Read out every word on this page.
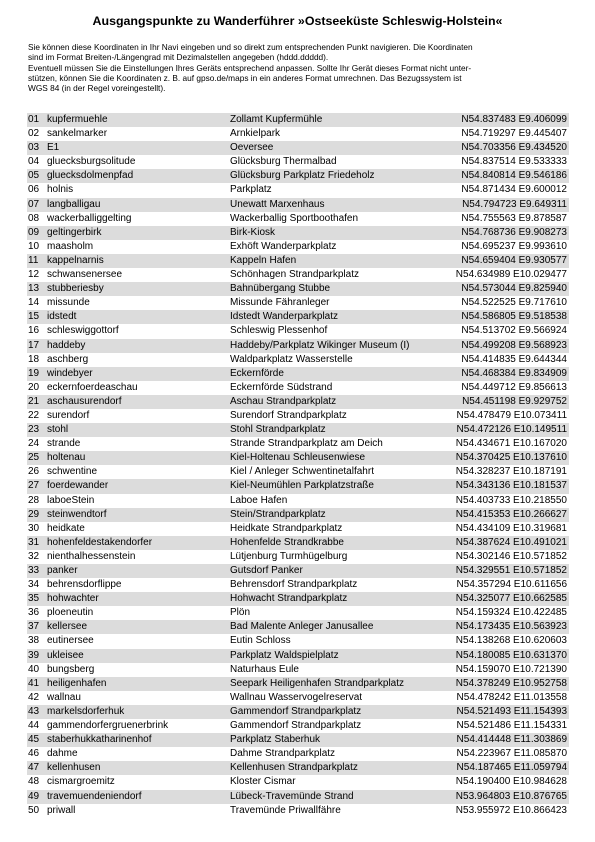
Ausgangspunkte zu Wanderführer »Ostseeküste Schleswig-Holstein«
Sie können diese Koordinaten in Ihr Navi eingeben und so direkt zum entsprechenden Punkt navigieren. Die Koordinaten
sind im Format Breiten-/Längengrad mit Dezimalstellen angegeben (hddd.ddddd).
Eventuell müssen Sie die Einstellungen Ihres Geräts entsprechend anpassen. Sollte Ihr Gerät dieses Format nicht unter-
stützen, können Sie die Koordinaten z. B. auf gpso.de/maps in ein anderes Format umrechnen. Das Bezugssystem ist
WGS 84 (in der Regel voreingestellt).
01 kupfermuehle	Zollamt Kupfermühle	N54.837483 E9.406099
02 sankelmarker	Arnkielpark	N54.719297 E9.445407
03 E1	Oeversee	N54.703356 E9.434520
04 gluecksburgsolitude	Glücksburg Thermalbad	N54.837514 E9.533333
05 gluecksdolmenpfad	Glücksburg Parkplatz Friedeholz	N54.840814 E9.546186
06 holnis	Parkplatz	N54.871434 E9.600012
07 langballigau	Unewatt Marxenhaus	N54.794723 E9.649311
08 wackerballiggelting	Wackerballig Sportboothafen	N54.755563 E9.878587
09 geltingerbirk	Birk-Kiosk	N54.768736 E9.908273
10 maasholm	Exhöft Wanderparkplatz	N54.695237 E9.993610
11 kappelnarnis	Kappeln Hafen	N54.659404 E9.930577
12 schwansenersee	Schönhagen Strandparkplatz	N54.634989 E10.029477
13 stubberiesby	Bahnübergang Stubbe	N54.573044 E9.825940
14 missunde	Missunde Fähranleger	N54.522525 E9.717610
15 idstedt	Idstedt Wanderparkplatz	N54.586805 E9.518538
16 schleswiggottorf	Schleswig Plessenhof	N54.513702 E9.566924
17 haddeby	Haddeby/Parkplatz Wikinger Museum (I)	N54.499208 E9.568923
18 aschberg	Waldparkplatz Wasserstelle	N54.414835 E9.644344
19 windebyer	Eckernförde	N54.468384 E9.834909
20 eckernfoerdeaschau	Eckernförde Südstrand	N54.449712 E9.856613
21 aschausurendorf	Aschau Strandparkplatz	N54.451198 E9.929752
22 surendorf	Surendorf Strandparkplatz	N54.478479 E10.073411
23 stohl	Stohl Strandparkplatz	N54.472126 E10.149511
24 strande	Strande Strandparkplatz am Deich	N54.434671 E10.167020
25 holtenau	Kiel-Holtenau Schleusenwiese	N54.370425 E10.137610
26 schwentine	Kiel / Anleger Schwentinetalfahrt	N54.328237 E10.187191
27 foerdewander	Kiel-Neumühlen Parkplatzstraße	N54.343136 E10.181537
28 laboeStein	Laboe Hafen	N54.403733 E10.218550
29 steinwendtorf	Stein/Strandparkplatz	N54.415353 E10.266627
30 heidkate	Heidkate Strandparkplatz	N54.434109 E10.319681
31 hohenfeldestakendorfer	Hohenfelde Strandkrabbe	N54.387624 E10.491021
32 nienthalhessenstein	Lütjenburg Turmhügelburg	N54.302146 E10.571852
33 panker	Gutsdorf Panker	N54.329551 E10.571852
34 behrensdorflippe	Behrensdorf Strandparkplatz	N54.357294 E10.611656
35 hohwachter	Hohwacht Strandparkplatz	N54.325077 E10.662585
36 ploeneutin	Plön	N54.159324 E10.422485
37 kellersee	Bad Malente Anleger Janusallee	N54.173435 E10.563923
38 eutinersee	Eutin Schloss	N54.138268 E10.620603
39 ukleisee	Parkplatz Waldspielplatz	N54.180085 E10.631370
40 bungsberg	Naturhaus Eule	N54.159070 E10.721390
41 heiligenhafen	Seepark Heiligenhafen Strandparkplatz	N54.378249 E10.952758
42 wallnau	Wallnau Wasservogelreservat	N54.478242 E11.013558
43 markelsdorferhuk	Gammendorf Strandparkplatz	N54.521493 E11.154393
44 gammendorfergruenerbrink	Gammendorf Strandparkplatz	N54.521486 E11.154331
45 staberhukkatharinenhof	Parkplatz Staberhuk	N54.414448 E11.303869
46 dahme	Dahme Strandparkplatz	N54.223967 E11.085870
47 kellenhusen	Kellenhusen Strandparkplatz	N54.187465 E11.059794
48 cismargroemitz	Kloster Cismar	N54.190400 E10.984628
49 travemuendeniendorf	Lübeck-Travemünde Strand	N53.964803 E10.876765
50 priwall	Travemünde Priwallfähre	N53.955972 E10.866423
